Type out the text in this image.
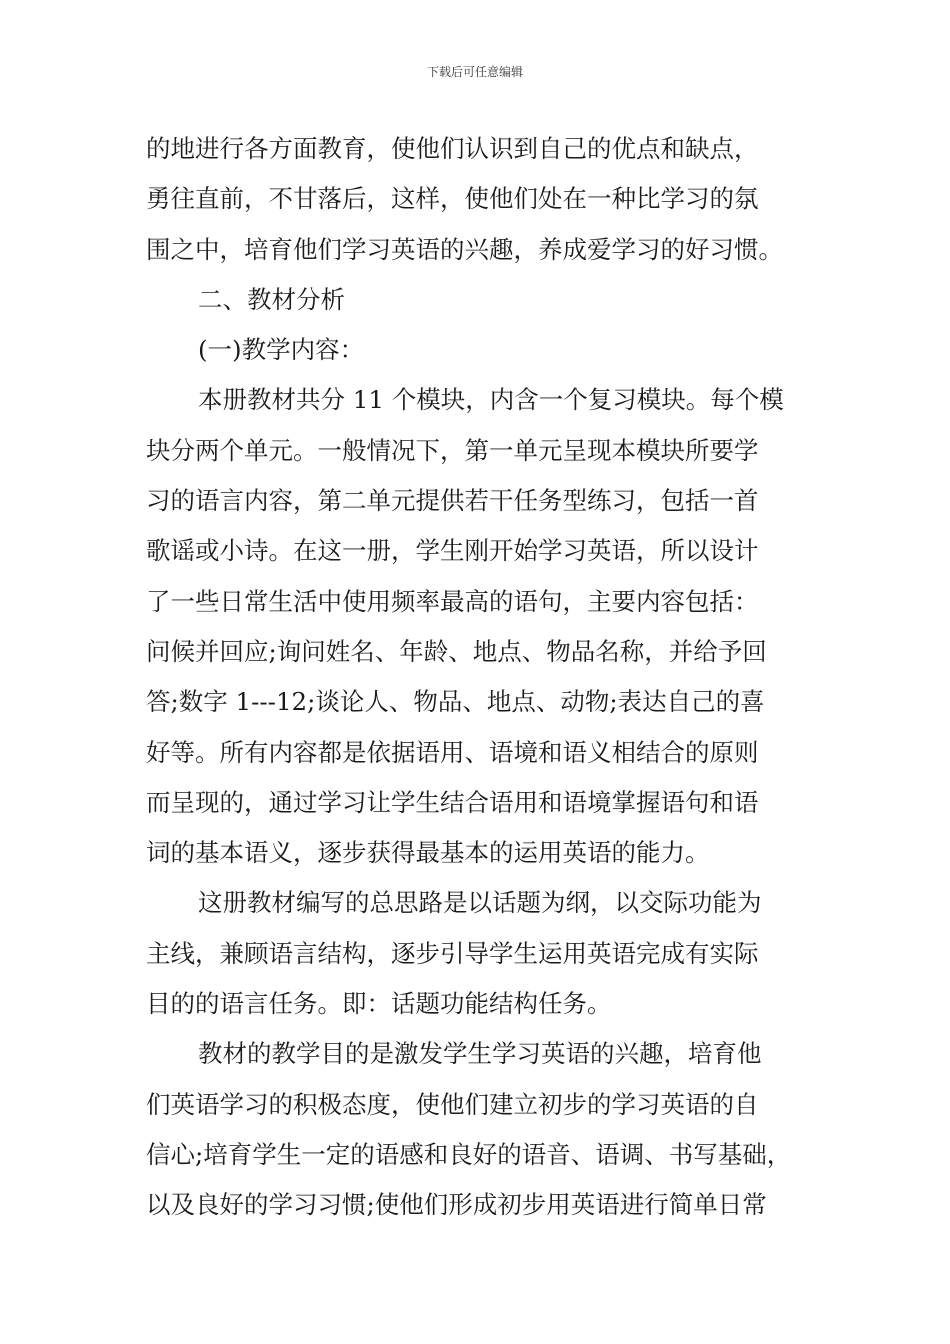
下载后可任意编辑
的地进行各方面教育，使他们认识到自己的优点和缺点，
勇往直前，不甘落后，这样，使他们处在一种比学习的氛
围之中，培育他们学习英语的兴趣，养成爱学习的好习惯。
二、教材分析
(一)教学内容：
本册教材共分 11 个模块，内含一个复习模块。每个模
块分两个单元。一般情况下，第一单元呈现本模块所要学
习的语言内容，第二单元提供若干任务型练习，包括一首
歌谣或小诗。在这一册，学生刚开始学习英语，所以设计
了一些日常生活中使用频率最高的语句，主要内容包括：
问候并回应;询问姓名、年龄、地点、物品名称，并给予回
答;数字 1---12;谈论人、物品、地点、动物;表达自己的喜
好等。所有内容都是依据语用、语境和语义相结合的原则
而呈现的，通过学习让学生结合语用和语境掌握语句和语
词的基本语义，逐步获得最基本的运用英语的能力。
这册教材编写的总思路是以话题为纲，以交际功能为
主线，兼顾语言结构，逐步引导学生运用英语完成有实际
目的的语言任务。即：话题功能结构任务。
教材的教学目的是激发学生学习英语的兴趣，培育他
们英语学习的积极态度，使他们建立初步的学习英语的自
信心;培育学生一定的语感和良好的语音、语调、书写基础，
以及良好的学习习惯;使他们形成初步用英语进行简单日常
